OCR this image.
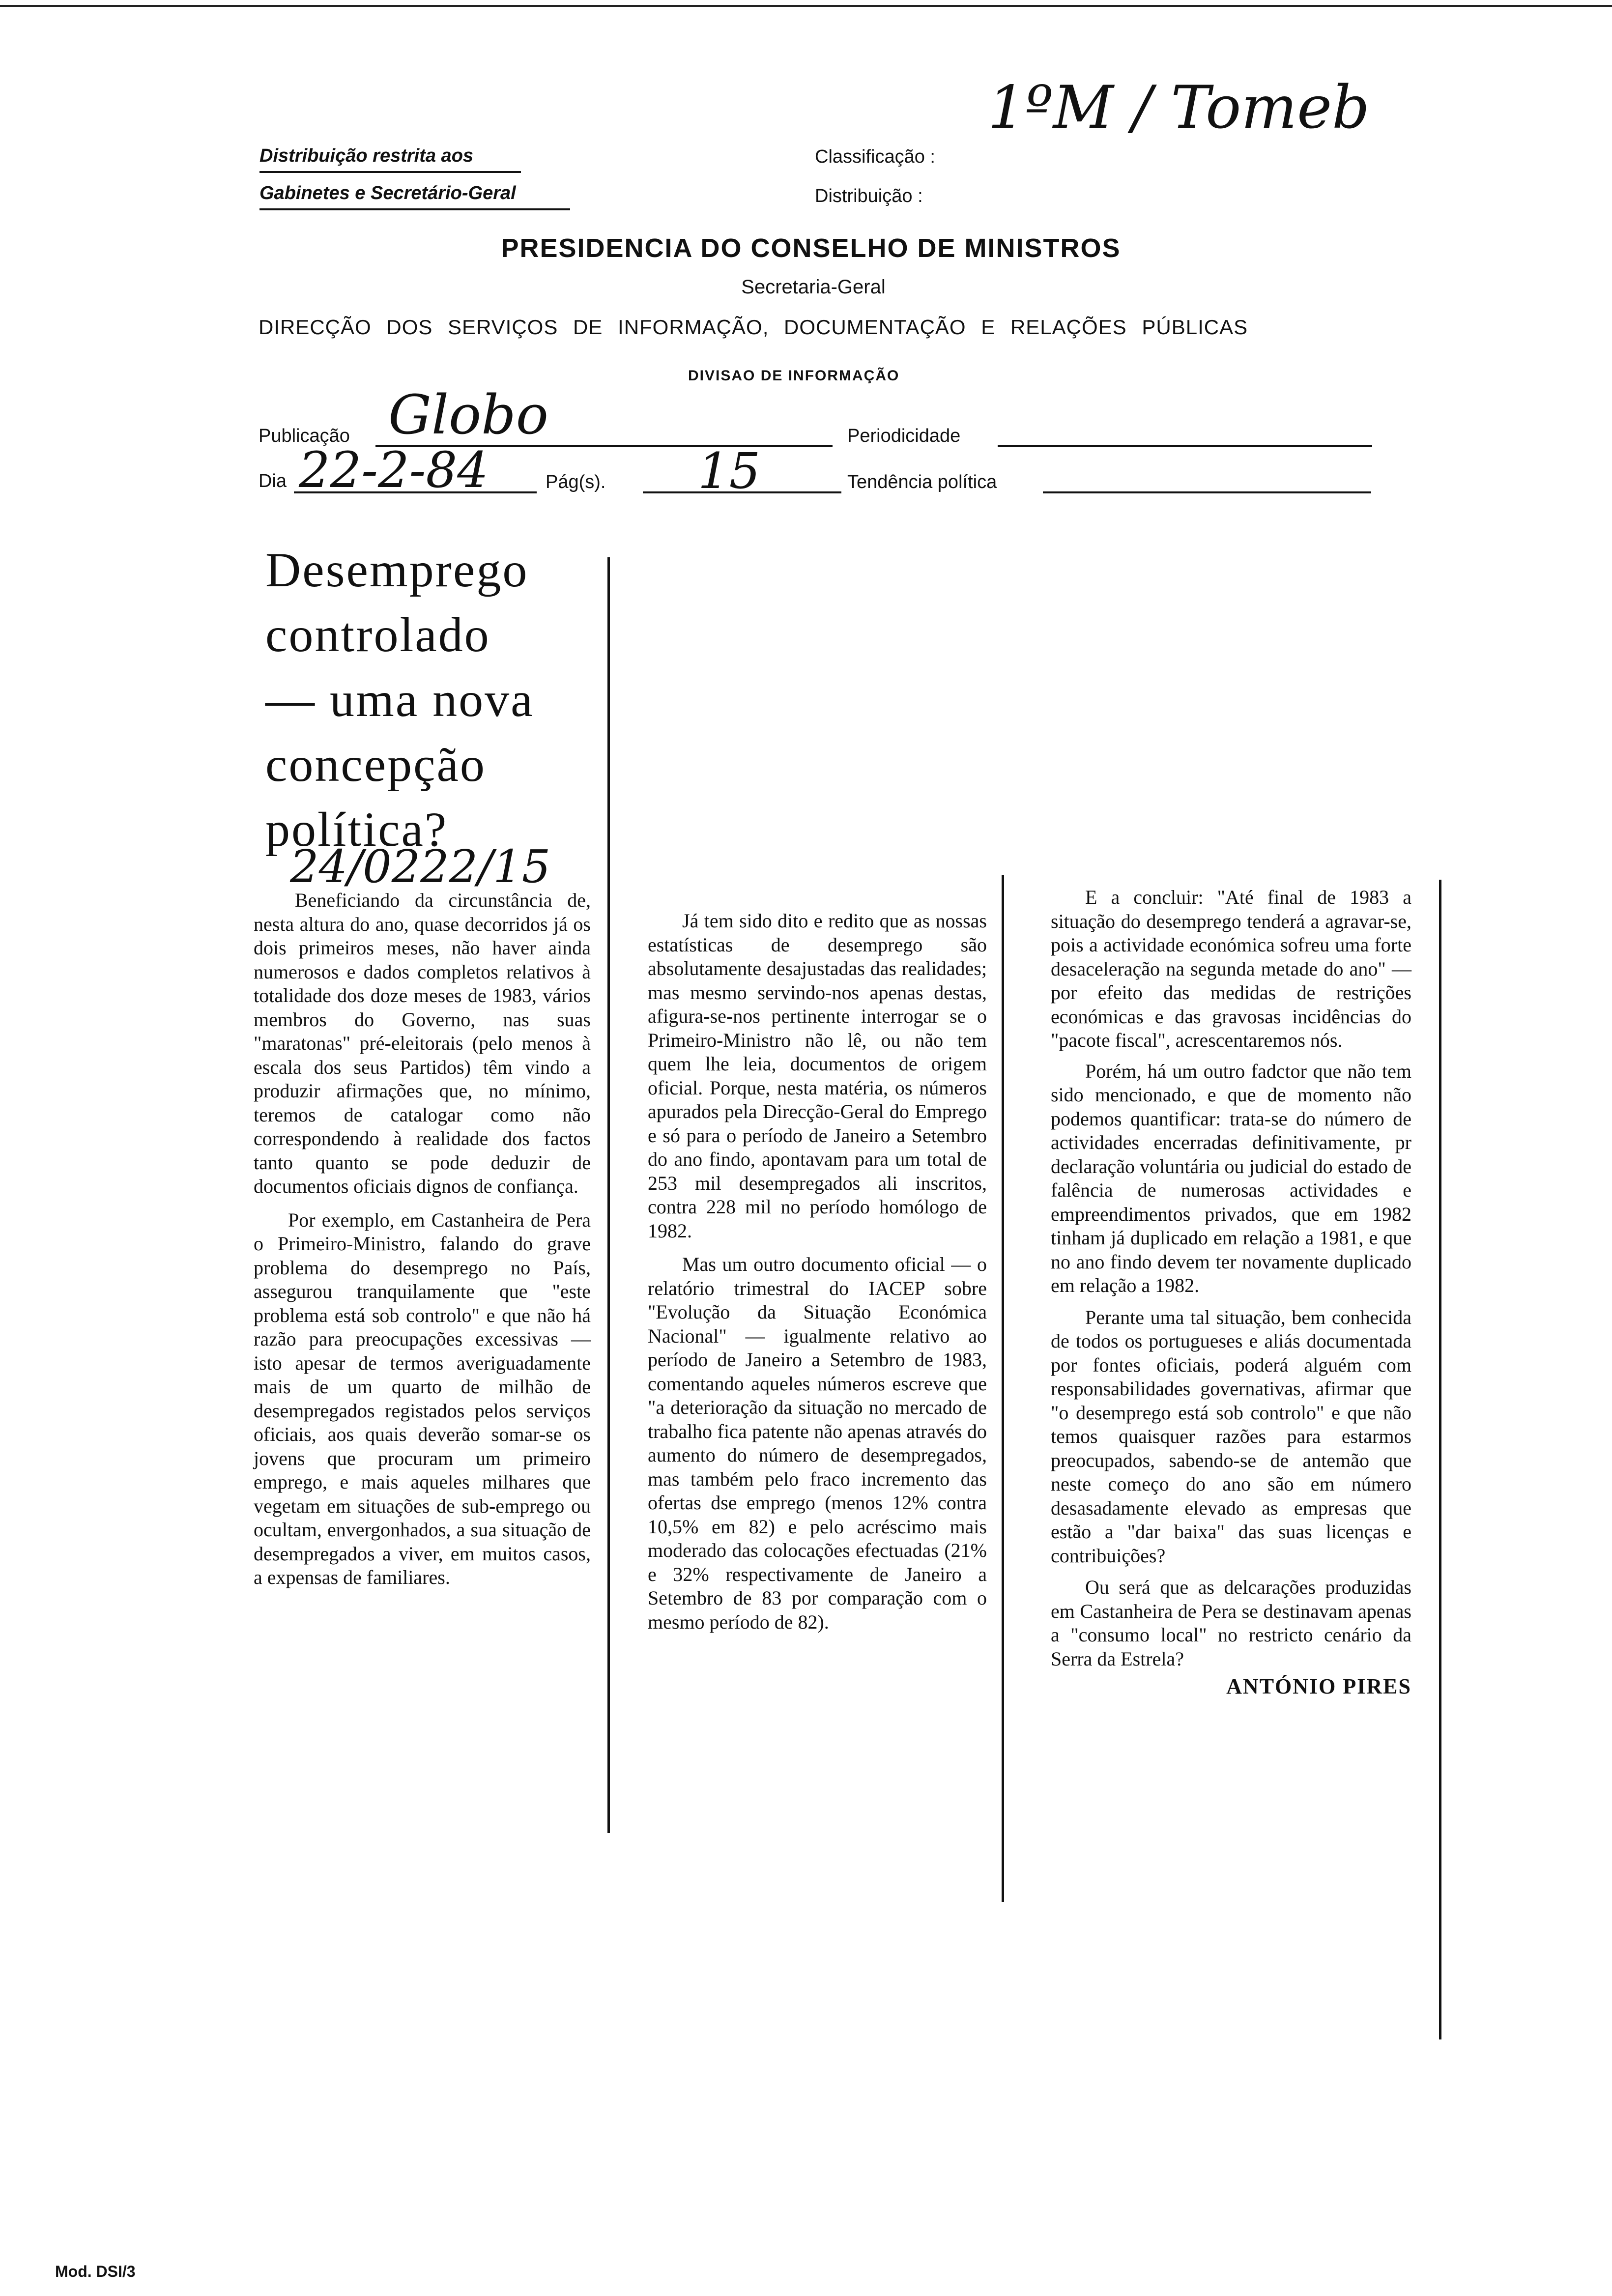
Distribuição restrita aos
Gabinetes e Secretário-Geral
Classificação :
Distribuição :
1ºM / Tomeb
PRESIDENCIA DO CONSELHO DE MINISTROS
Secretaria-Geral
DIRECÇÃO DOS SERVIÇOS DE INFORMAÇÃO, DOCUMENTAÇÃO E RELAÇÕES PÚBLICAS
DIVISAO DE INFORMAÇÃO
Publicação Globo	Periodicidade
Dia 22-2-84	Pág(s). 15	Tendência política
Desemprego
controlado
— uma nova
concepção
política?
24/0222/15

Beneficiando da circunstância de, nesta altura do ano, quase decorridos já os dois primeiros meses, não haver ainda numerosos e dados completos relativos à totalidade dos doze meses de 1983, vários membros do Governo, nas suas "maratonas" pré-eleitorais (pelo menos à escala dos seus Partidos) têm vindo a produzir afirmações que, no mínimo, teremos de catalogar como não correspondendo à realidade dos factos tanto quanto se pode deduzir de documentos oficiais dignos de confiança.

Por exemplo, em Castanheira de Pera o Primeiro-Ministro, falando do grave problema do desemprego no País, assegurou tranquilamente que "este problema está sob controlo" e que não há razão para preocupações excessivas — isto apesar de termos averiguadamente mais de um quarto de milhão de desempregados registados pelos serviços oficiais, aos quais deverão somar-se os jovens que procuram um primeiro emprego, e mais aqueles milhares que vegetam em situações de sub-emprego ou ocultam, envergonhados, a sua situação de desempregados a viver, em muitos casos, a expensas de familiares.

Já tem sido dito e redito que as nossas estatísticas de desemprego são absolutamente desajustadas das realidades; mas mesmo servindo-nos apenas destas, afigura-se-nos pertinente interrogar se o Primeiro-Ministro não lê, ou não tem quem lhe leia, documentos de origem oficial. Porque, nesta matéria, os números apurados pela Direcção-Geral do Emprego e só para o período de Janeiro a Setembro do ano findo, apontavam para um total de 253 mil desempregados ali inscritos, contra 228 mil no período homólogo de 1982.

Mas um outro documento oficial — o relatório trimestral do IACEP sobre "Evolução da Situação Económica Nacional" — igualmente relativo ao período de Janeiro a Setembro de 1983, comentando aqueles números escreve que "a deterioração da situação no mercado de trabalho fica patente não apenas através do aumento do número de desempregados, mas também pelo fraco incremento das ofertas dse emprego (menos 12% contra 10,5% em 82) e pelo acréscimo mais moderado das colocações efectuadas (21% e 32% respectivamente de Janeiro a Setembro de 83 por comparação com o mesmo período de 82).

E a concluir: "Até final de 1983 a situação do desemprego tenderá a agravar-se, pois a actividade económica sofreu uma forte desaceleração na segunda metade do ano" — por efeito das medidas de restrições económicas e das gravosas incidências do "pacote fiscal", acrescentaremos nós.

Porém, há um outro fadctor que não tem sido mencionado, e que de momento não podemos quantificar: trata-se do número de actividades encerradas definitivamente, pr declaração voluntária ou judicial do estado de falência de numerosas actividades e empreendimentos privados, que em 1982 tinham já duplicado em relação a 1981, e que no ano findo devem ter novamente duplicado em relação a 1982.

Perante uma tal situação, bem conhecida de todos os portugueses e aliás documentada por fontes oficiais, poderá alguém com responsabilidades governativas, afirmar que "o desemprego está sob controlo" e que não temos quaisquer razões para estarmos preocupados, sabendo-se de antemão que neste começo do ano são em número desasadamente elevado as empresas que estão a "dar baixa" das suas licenças e contribuições?

Ou será que as delcarações produzidas em Castanheira de Pera se destinavam apenas a "consumo local" no restricto cenário da Serra da Estrela?

ANTÓNIO PIRES
Mod. DSI/3
